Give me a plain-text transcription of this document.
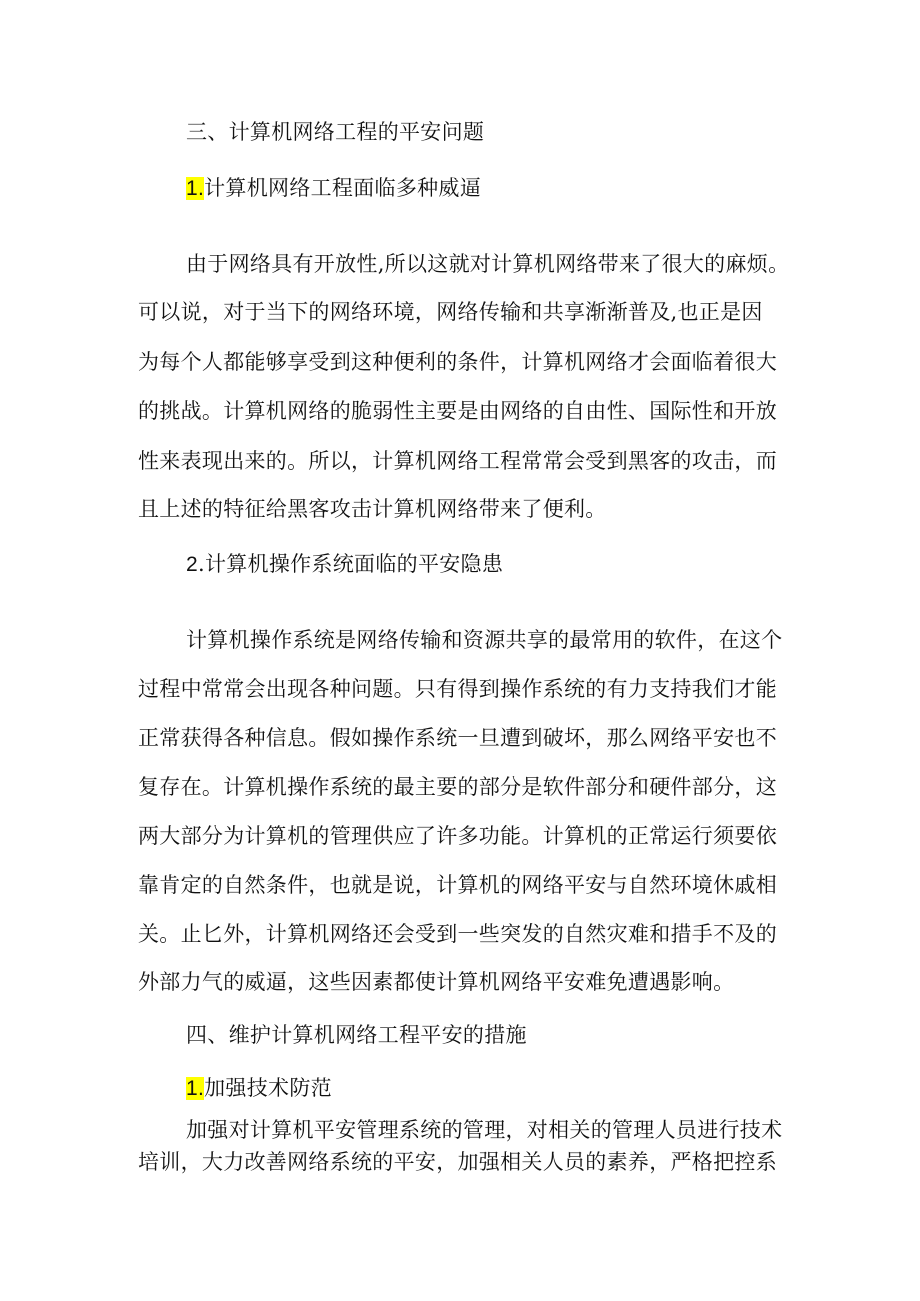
三、计算机网络工程的平安问题
1.计算机网络工程面临多种威逼
由于网络具有开放性,所以这就对计算机网络带来了很大的麻烦。
可以说，对于当下的网络环境，网络传输和共享渐渐普及,也正是因
为每个人都能够享受到这种便利的条件，计算机网络才会面临着很大
的挑战。计算机网络的脆弱性主要是由网络的自由性、国际性和开放
性来表现出来的。所以，计算机网络工程常常会受到黑客的攻击，而
且上述的特征给黑客攻击计算机网络带来了便利。
2.计算机操作系统面临的平安隐患
计算机操作系统是网络传输和资源共享的最常用的软件，在这个
过程中常常会出现各种问题。只有得到操作系统的有力支持我们才能
正常获得各种信息。假如操作系统一旦遭到破坏，那么网络平安也不
复存在。计算机操作系统的最主要的部分是软件部分和硬件部分，这
两大部分为计算机的管理供应了许多功能。计算机的正常运行须要依
靠肯定的自然条件，也就是说，计算机的网络平安与自然环境休戚相
关。止匕外，计算机网络还会受到一些突发的自然灾难和措手不及的
外部力气的威逼，这些因素都使计算机网络平安难免遭遇影响。
四、维护计算机网络工程平安的措施
1.加强技术防范
加强对计算机平安管理系统的管理，对相关的管理人员进行技术
培训，大力改善网络系统的平安，加强相关人员的素养，严格把控系
